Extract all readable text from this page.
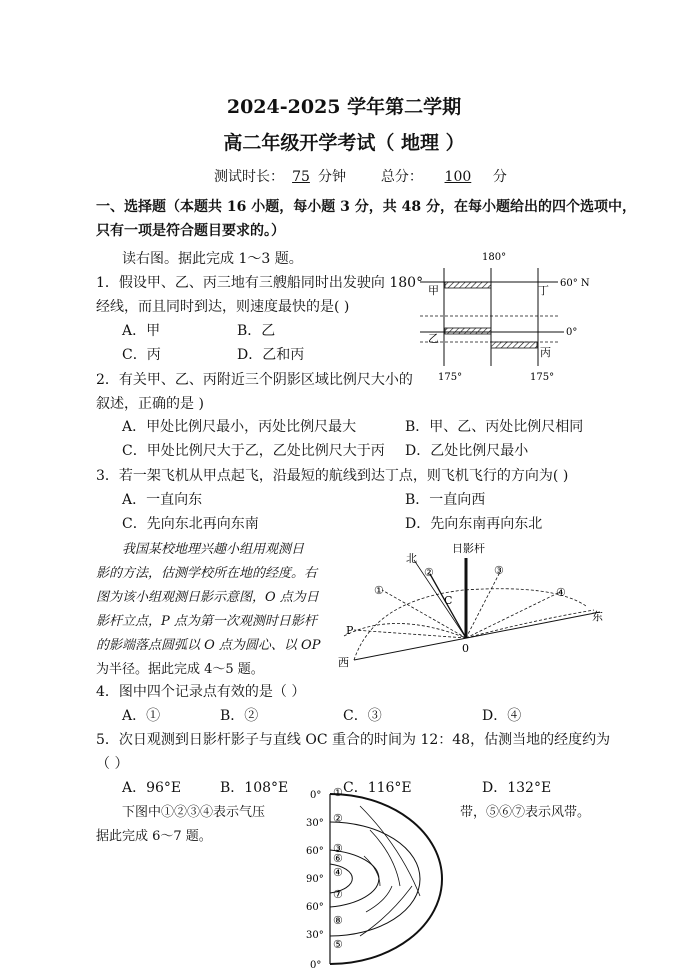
2024-2025 学年第二学期
高二年级开学考试（ 地理 ）
测试时长： 75 分钟 总分： 100 分
一、选择题（本题共 16 小题，每小题 3 分，共 48 分，在每小题给出的四个选项中，
只有一项是符合题目要求的。）
读右图。据此完成 1～3 题。
1．假设甲、乙、丙三地有三艘船同时出发驶向 180°
经线，而且同时到达，则速度最快的是( )
A．甲	B．乙
C．丙	D．乙和丙
180°
60° N
0°
甲	丁
乙
丙
175°	175°
2．有关甲、乙、丙附近三个阴影区域比例尺大小的
叙述，正确的是 )
A．甲处比例尺最小，丙处比例尺最大	B．甲、乙、丙处比例尺相同
C．甲处比例尺大于乙，乙处比例尺大于丙 D．乙处比例尺最小
3．若一架飞机从甲点起飞，沿最短的航线到达丁点，则飞机飞行的方向为( )
A．一直向东	B．一直向西
C．先向东北再向东南	D．先向东南再向东北
我国某校地理兴趣小组用观测日
影的方法，估测学校所在地的经度。右
图为该小组观测日影示意图，O 点为日
影杆立点，P 点为第一次观测时日影杆
的影端落点圆弧以 O 点为圆心、以 OP
为半径。据此完成 4～5 题。
日影杆
北
东
西
P
0
C
①
②	③
④
4．图中四个记录点有效的是（ ）
A．①	B．②	C．③	D．④
5．次日观测到日影杆影子与直线 OC 重合的时间为 12：48，估测当地的经度约为
（ ）
A．96°E	B．108°E	C．116°E	D．132°E
下图中①②③④表示气压	带，⑤⑥⑦表示风带。
据此完成 6～7 题。
0°
30°
60°
90°
60°
30°
0°
①
②
③
④
⑤
⑥
⑦
⑧
